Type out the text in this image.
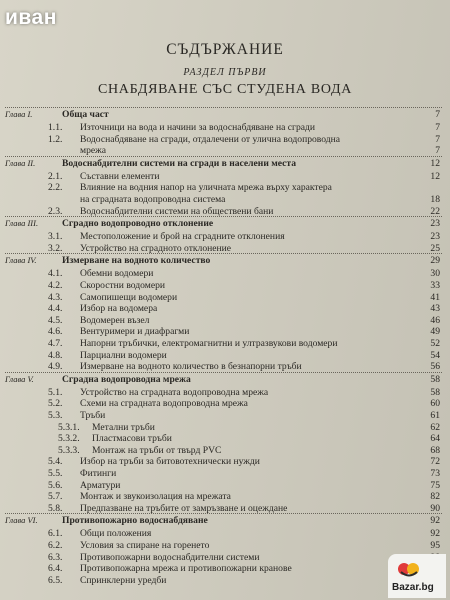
иван
СЪДЪРЖАНИЕ
РАЗДЕЛ ПЪРВИ
СНАБДЯВАНЕ СЪС СТУДЕНА ВОДА
Глава I.	Обща част	7
1.1. Източници на вода и начини за водоснабдяване на сгради	7
1.2. Водоснабдяване на сгради, отдалечени от улична водопроводна	7
мрежа	7
Глава II.	Водоснабдителни системи на сгради в населени места	12
2.1. Съставни елементи	12
2.2. Влияние на водния напор на уличната мрежа върху характера
на сградната водопроводна система	18
2.3. Водоснабдителни системи на обществени бани	22
Глава III. Сградно водопроводно отклонение	23
3.1. Местоположение и брой на сградните отклонения	23
3.2. Устройство на сградното отклонение	25
Глава IV.	Измерване на водното количество	29
4.1. Обемни водомери	30
4.2. Скоростни водомери	33
4.3. Самопишещи водомери	41
4.4. Избор на водомера	43
4.5. Водомерен възел	46
4.6. Вентуримери и диафрагми	49
4.7. Напорни тръбички, електромагнитни и ултразвукови водомери	52
4.8. Парциални водомери	54
4.9. Измерване на водното количество в безнапорни тръби	56
Глава V.	Сградна водопроводна мрежа	58
5.1. Устройство на сградната водопроводна мрежа	58
5.2. Схеми на сградната водопроводна мрежа	60
5.3. Тръби	61
5.3.1. Метални тръби	62
5.3.2. Пластмасови тръби	64
5.3.3. Монтаж на тръби от твърд PVC	68
5.4. Избор на тръби за битовотехнически нужди	72
5.5. Фитинги	73
5.6. Арматури	75
5.7. Монтаж и звукоизолация на мрежата	82
5.8. Предпазване на тръбите от замръзване и оцеждане	90
Глава VI.	Противопожарно водоснабдяване	92
6.1. Общи положения	92
6.2. Условия за спиране на горенето	95
6.3. Противопожарни водоснабдителни системи
6.4. Противопожарна мрежа и противопожарни кранове
6.5. Спринклерни уредби
Bazar.bg
